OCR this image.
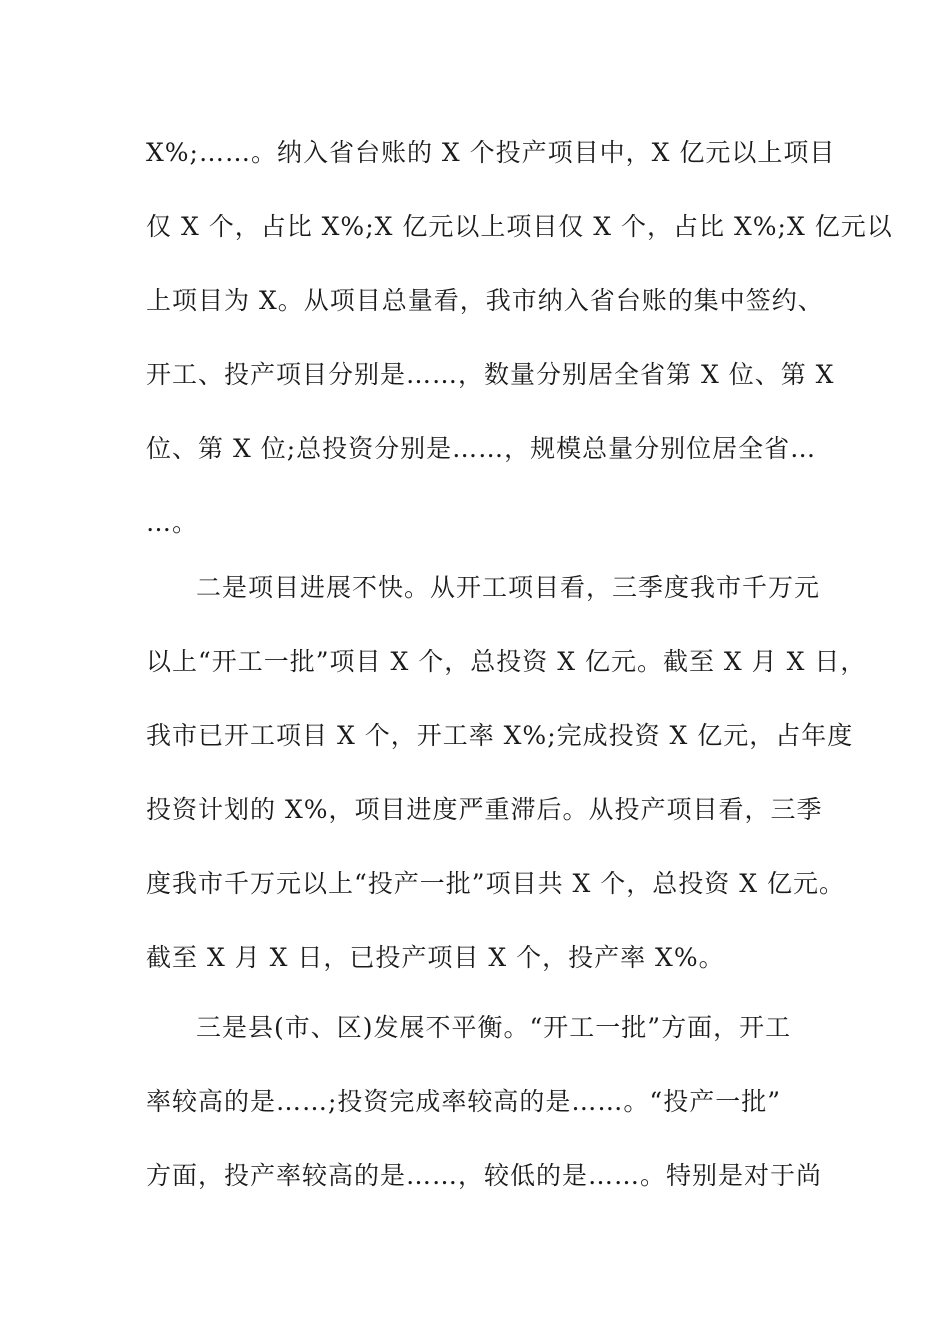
X%;……。纳入省台账的 X 个投产项目中，X 亿元以上项目
仅 X 个，占比 X%;X 亿元以上项目仅 X 个，占比 X%;X 亿元以
上项目为 X。从项目总量看，我市纳入省台账的集中签约、
开工、投产项目分别是……，数量分别居全省第 X 位、第 X
位、第 X 位;总投资分别是……，规模总量分别位居全省…
…。
二是项目进展不快。从开工项目看，三季度我市千万元
以上“开工一批”项目 X 个，总投资 X 亿元。截至 X 月 X 日，
我市已开工项目 X 个，开工率 X%;完成投资 X 亿元，占年度
投资计划的 X%，项目进度严重滞后。从投产项目看，三季
度我市千万元以上“投产一批”项目共 X 个，总投资 X 亿元。
截至 X 月 X 日，已投产项目 X 个，投产率 X%。
三是县(市、区)发展不平衡。“开工一批”方面，开工
率较高的是……;投资完成率较高的是……。“投产一批”
方面，投产率较高的是……，较低的是……。特别是对于尚
